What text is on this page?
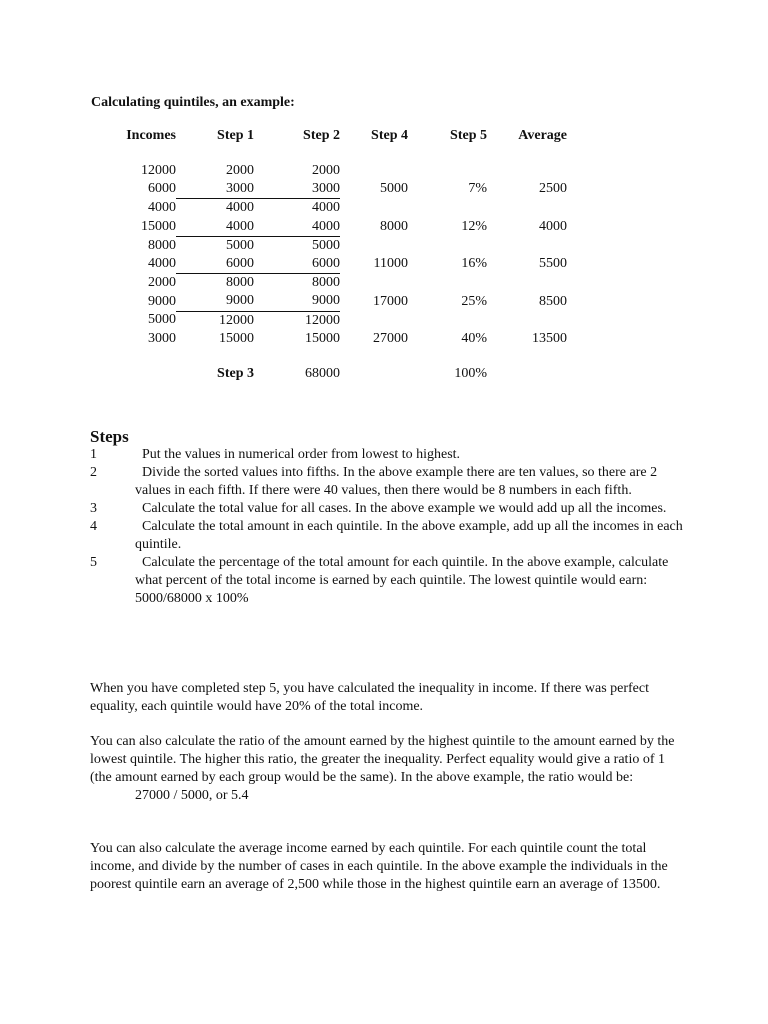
Calculating quintiles, an example:
Incomes	Step 1	Step 2	Step 4	Step 5	Average

12000	2000	2000			
6000	3000	3000	5000	7%	2500
4000	4000	4000			
15000	4000	4000	8000	12%	4000
8000	5000	5000			
4000	6000	6000	11000	16%	5500
2000	8000	8000			
9000	9000	9000	17000	25%	8500
5000	12000	12000			
3000	15000	15000	27000	40%	13500

	Step 3	68000		100%	
Steps
1	Put the values in numerical order from lowest to highest.
2	Divide the sorted values into fifths. In the above example there are ten values, so there are 2 values in each fifth. If there were 40 values, then there would be 8 numbers in each fifth.
3	Calculate the total value for all cases. In the above example we would add up all the incomes.
4	Calculate the total amount in each quintile. In the above example, add up all the incomes in each quintile.
5	Calculate the percentage of the total amount for each quintile. In the above example, calculate what percent of the total income is earned by each quintile. The lowest quintile would earn:
5000/68000 x 100%
When you have completed step 5, you have calculated the inequality in income. If there was perfect equality, each quintile would have 20% of the total income.
You can also calculate the ratio of the amount earned by the highest quintile to the amount earned by the lowest quintile. The higher this ratio, the greater the inequality. Perfect equality would give a ratio of 1 (the amount earned by each group would be the same). In the above example, the ratio would be:
27000 / 5000, or 5.4
You can also calculate the average income earned by each quintile. For each quintile count the total income, and divide by the number of cases in each quintile. In the above example the individuals in the poorest quintile earn an average of 2,500 while those in the highest quintile earn an average of 13500.
